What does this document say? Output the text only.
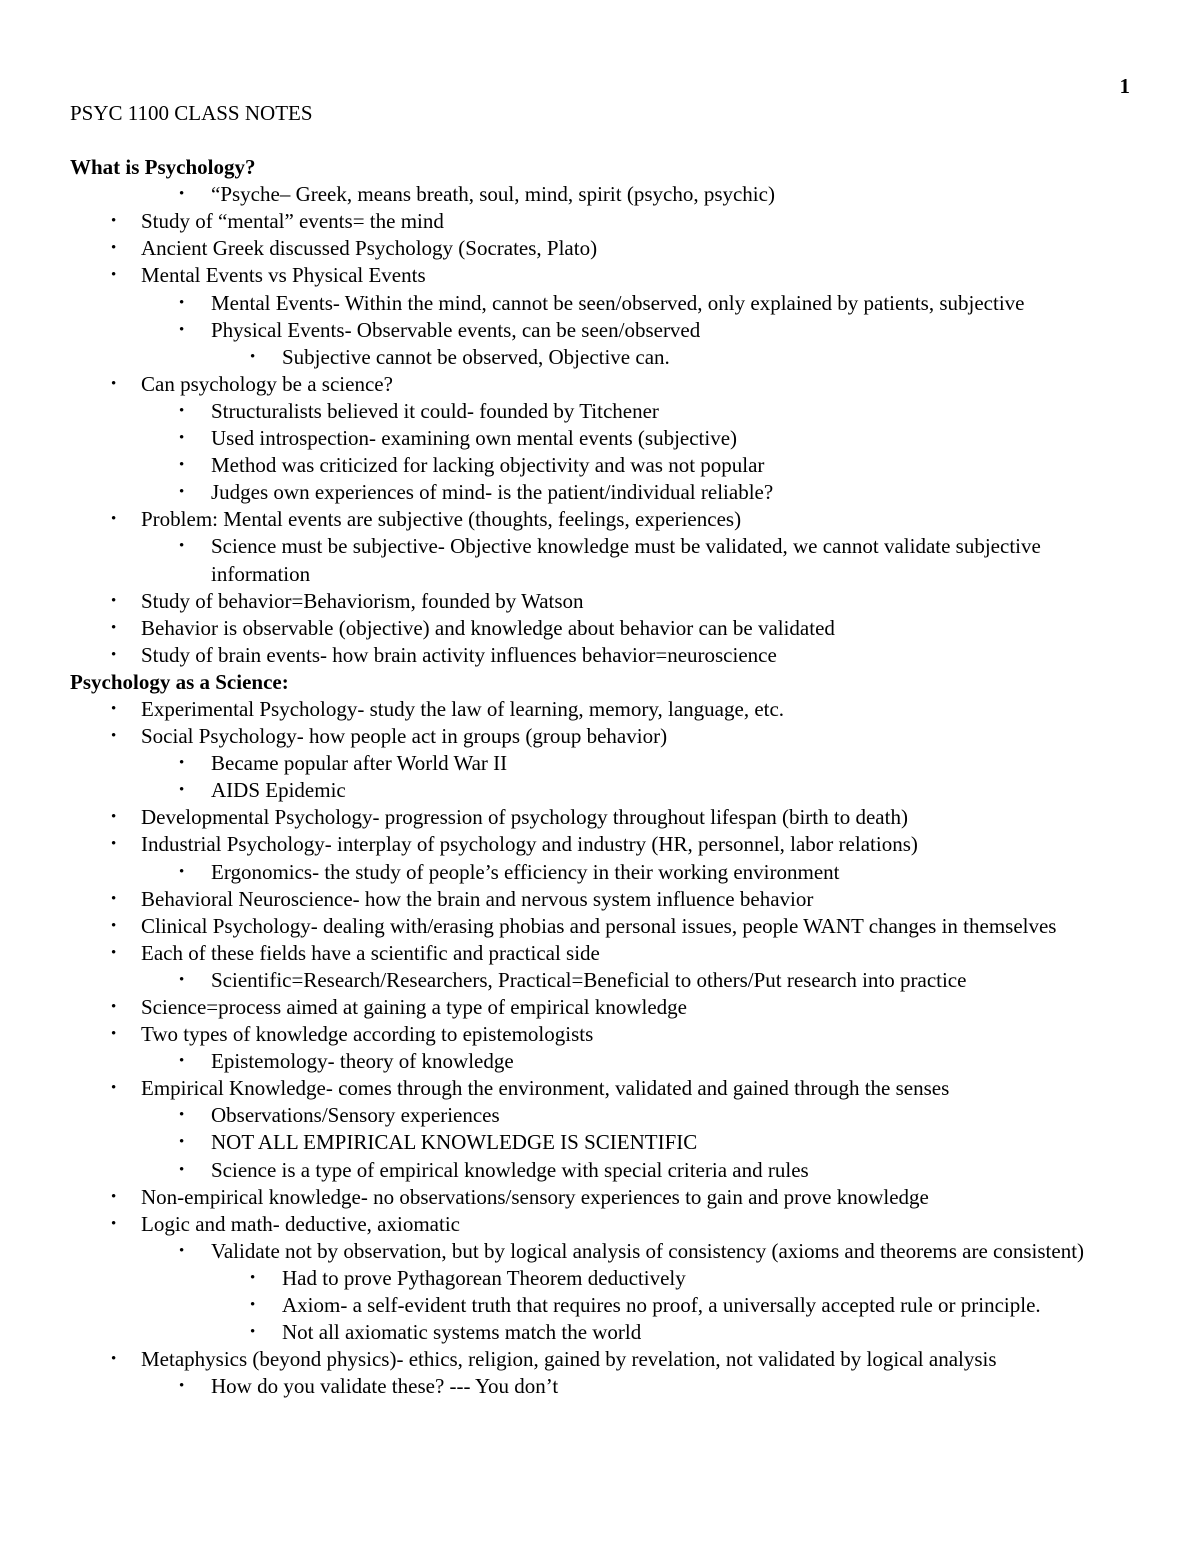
1
PSYC 1100 CLASS NOTES
What is Psychology?
• “Psyche– Greek, means breath, soul, mind, spirit (psycho, psychic)
• Study of “mental” events= the mind
• Ancient Greek discussed Psychology (Socrates, Plato)
• Mental Events vs Physical Events
• Mental Events- Within the mind, cannot be seen/observed, only explained by patients, subjective
• Physical Events- Observable events, can be seen/observed
• Subjective cannot be observed, Objective can.
• Can psychology be a science?
• Structuralists believed it could- founded by Titchener
• Used introspection- examining own mental events (subjective)
• Method was criticized for lacking objectivity and was not popular
• Judges own experiences of mind- is the patient/individual reliable?
• Problem: Mental events are subjective (thoughts, feelings, experiences)
• Science must be subjective- Objective knowledge must be validated, we cannot validate subjective information
• Study of behavior=Behaviorism, founded by Watson
• Behavior is observable (objective) and knowledge about behavior can be validated
• Study of brain events- how brain activity influences behavior=neuroscience
Psychology as a Science:
• Experimental Psychology- study the law of learning, memory, language, etc.
• Social Psychology- how people act in groups (group behavior)
• Became popular after World War II
• AIDS Epidemic
• Developmental Psychology- progression of psychology throughout lifespan (birth to death)
• Industrial Psychology- interplay of psychology and industry (HR, personnel, labor relations)
• Ergonomics- the study of people’s efficiency in their working environment
• Behavioral Neuroscience- how the brain and nervous system influence behavior
• Clinical Psychology- dealing with/erasing phobias and personal issues, people WANT changes in themselves
• Each of these fields have a scientific and practical side
• Scientific=Research/Researchers, Practical=Beneficial to others/Put research into practice
• Science=process aimed at gaining a type of empirical knowledge
• Two types of knowledge according to epistemologists
• Epistemology- theory of knowledge
• Empirical Knowledge- comes through the environment, validated and gained through the senses
• Observations/Sensory experiences
• NOT ALL EMPIRICAL KNOWLEDGE IS SCIENTIFIC
• Science is a type of empirical knowledge with special criteria and rules
• Non-empirical knowledge- no observations/sensory experiences to gain and prove knowledge
• Logic and math- deductive, axiomatic
• Validate not by observation, but by logical analysis of consistency (axioms and theorems are consistent)
• Had to prove Pythagorean Theorem deductively
• Axiom- a self-evident truth that requires no proof, a universally accepted rule or principle.
• Not all axiomatic systems match the world
• Metaphysics (beyond physics)- ethics, religion, gained by revelation, not validated by logical analysis
• How do you validate these? --- You don’t
